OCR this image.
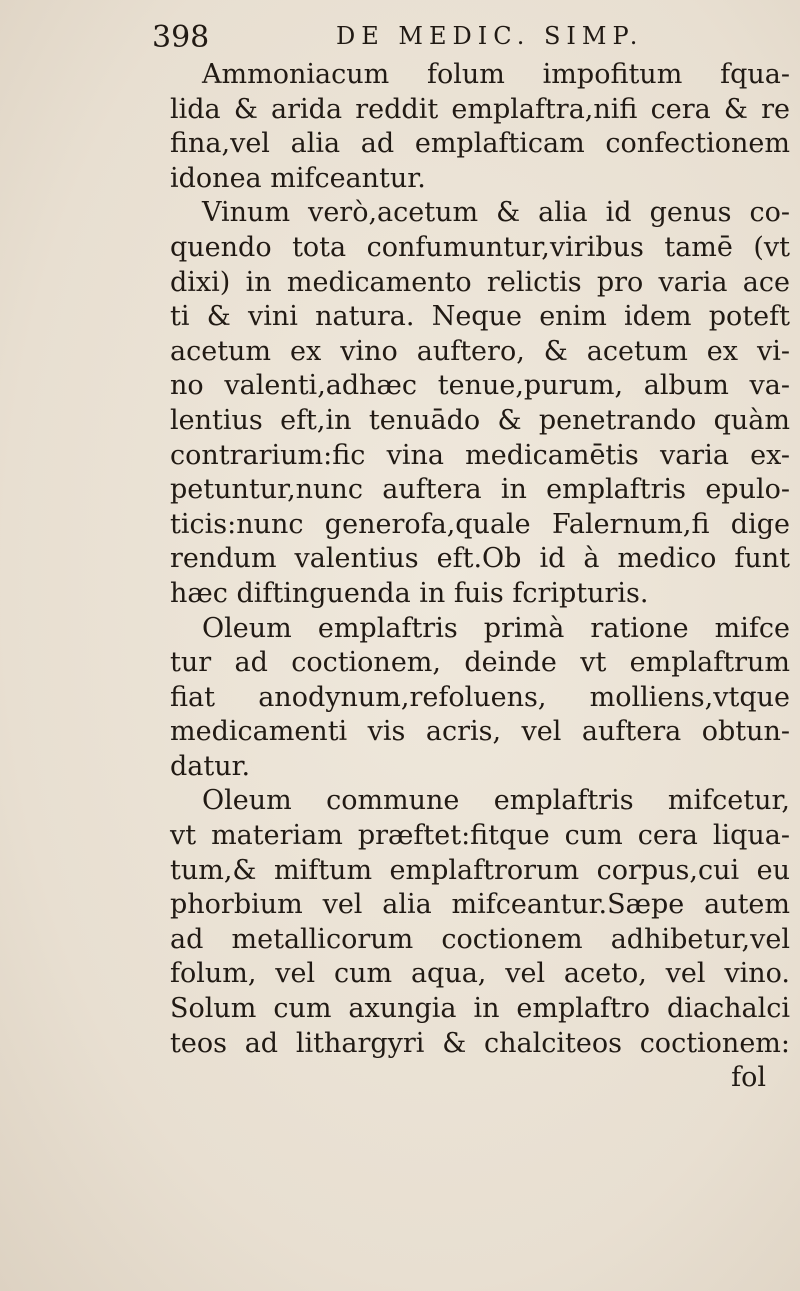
398	DE MEDIC. SIMP.
Ammoniacum folum impofitum fqua-
lida & arida reddit emplaftra,nifi cera & re
fina,vel alia ad emplafticam confectionem
idonea mifceantur.
Vinum verò,acetum & alia id genus co-
quendo tota confumuntur,viribus tamē (vt
dixi) in medicamento relictis pro varia ace
ti & vini natura. Neque enim idem poteft
acetum ex vino auftero, & acetum ex vi-
no valenti,adhæc tenue,purum, album va-
lentius eft,in tenuādo & penetrando quàm
contrarium:fic vina medicamētis varia ex-
petuntur,nunc auftera in emplaftris epulo-
ticis:nunc generofa,quale Falernum,fi dige
rendum valentius eft.Ob id à medico funt
hæc diftinguenda in fuis fcripturis.
Oleum emplaftris primà ratione mifce
tur ad coctionem, deinde vt emplaftrum
fiat anodynum,refoluens, molliens,vtque
medicamenti vis acris, vel auftera obtun-
datur.
Oleum commune emplaftris mifcetur,
vt materiam præftet:fitque cum cera liqua-
tum,& miftum emplaftrorum corpus,cui eu
phorbium vel alia mifceantur.Sæpe autem
ad metallicorum coctionem adhibetur,vel
folum, vel cum aqua, vel aceto, vel vino.
Solum cum axungia in emplaftro diachalci
teos ad lithargyri & chalciteos coctionem:
fol
